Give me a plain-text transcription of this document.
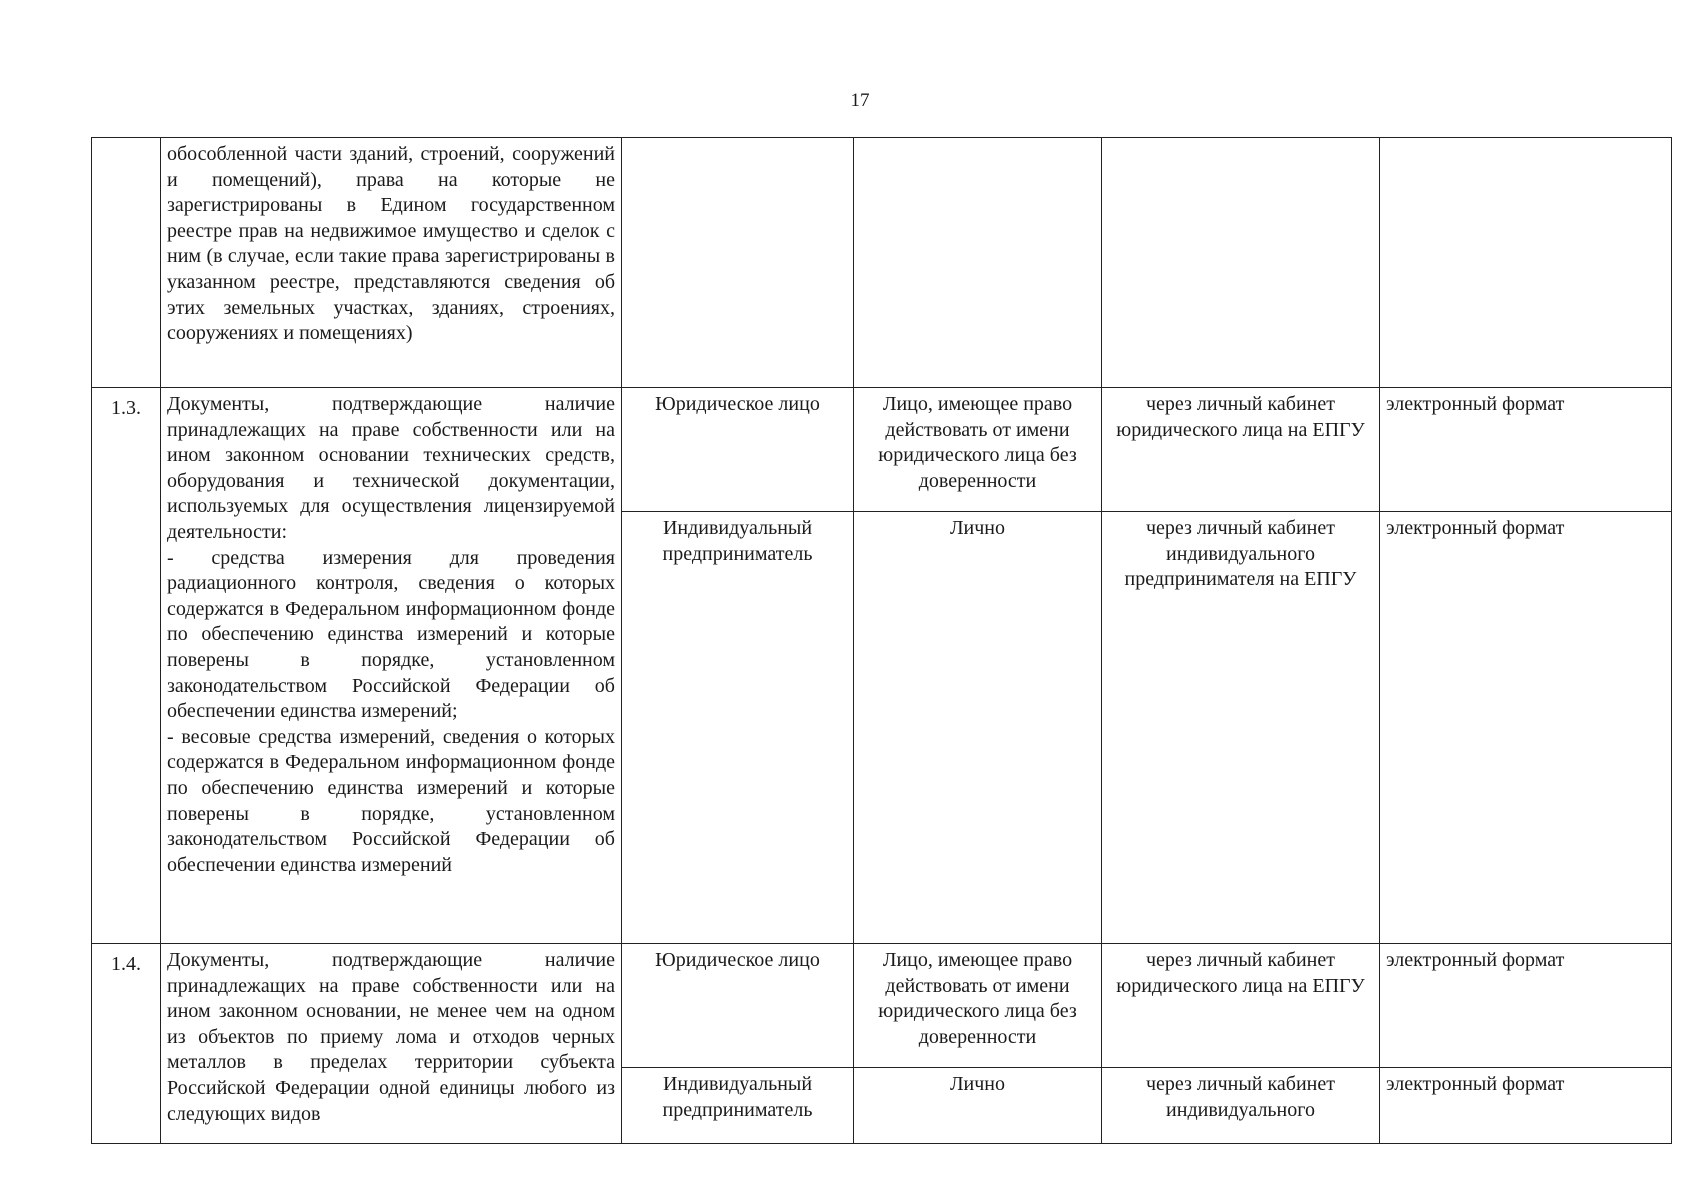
17
	обособленной части зданий, строений, сооружений и помещений), права на которые не зарегистрированы в Едином государственном реестре прав на недвижимое имущество и сделок с ним (в случае, если такие права зарегистрированы в указанном реестре, представляются сведения об этих земельных участках, зданиях, строениях, сооружениях и помещениях)				
1.3.	Документы, подтверждающие наличие принадлежащих на праве собственности или на ином законном основании технических средств, оборудования и технической документации, используемых для осуществления лицензируемой деятельности:
- средства измерения для проведения радиационного контроля, сведения о которых содержатся в Федеральном информационном фонде по обеспечению единства измерений и которые поверены в порядке, установленном законодательством Российской Федерации об обеспечении единства измерений;
- весовые средства измерений, сведения о которых содержатся в Федеральном информационном фонде по обеспечению единства измерений и которые поверены в порядке, установленном законодательством Российской Федерации об обеспечении единства измерений	Юридическое лицо	Лицо, имеющее право действовать от имени юридического лица без доверенности	через личный кабинет юридического лица на ЕПГУ	электронный формат
		Индивидуальный предприниматель	Лично	через личный кабинет индивидуального предпринимателя на ЕПГУ	электронный формат
1.4.	Документы, подтверждающие наличие принадлежащих на праве собственности или на ином законном основании, не менее чем на одном из объектов по приему лома и отходов черных металлов в пределах территории субъекта Российской Федерации одной единицы любого из следующих видов	Юридическое лицо	Лицо, имеющее право действовать от имени юридического лица без доверенности	через личный кабинет юридического лица на ЕПГУ	электронный формат
		Индивидуальный предприниматель	Лично	через личный кабинет индивидуального	электронный формат
